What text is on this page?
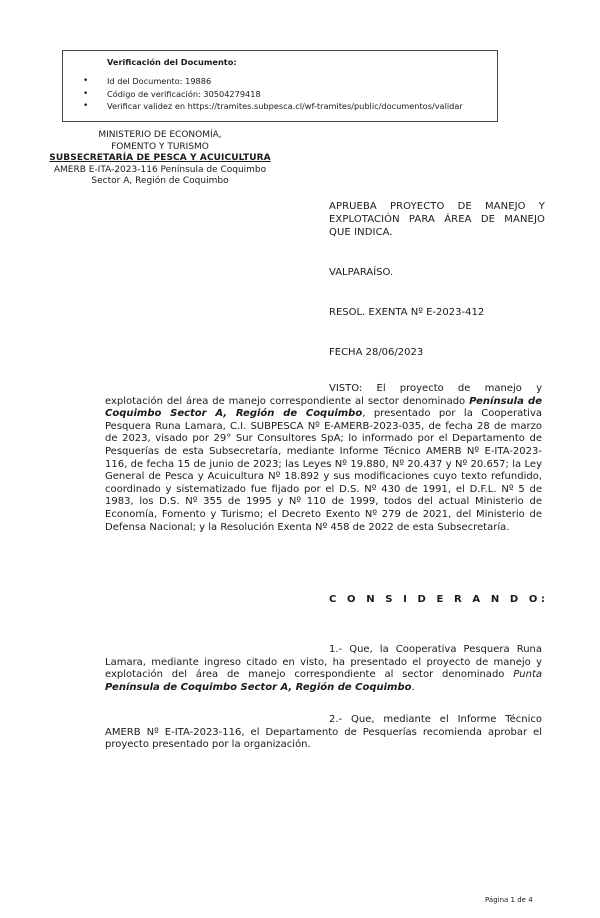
Verificación del Documento:
• Id del Documento: 19886
• Código de verificación: 30504279418
• Verificar validez en https://tramites.subpesca.cl/wf-tramites/public/documentos/validar
MINISTERIO DE ECONOMÍA,
FOMENTO Y TURISMO
SUBSECRETARÍA DE PESCA Y ACUICULTURA
AMERB E-ITA-2023-116 Península de Coquimbo
Sector A, Región de Coquimbo
APRUEBA PROYECTO DE MANEJO Y EXPLOTACIÓN PARA ÁREA DE MANEJO QUE INDICA.
VALPARAÍSO.
RESOL. EXENTA Nº E-2023-412
FECHA 28/06/2023
VISTO: El proyecto de manejo y explotación del área de manejo correspondiente al sector denominado Península de Coquimbo Sector A, Región de Coquimbo, presentado por la Cooperativa Pesquera Runa Lamara, C.I. SUBPESCA Nº E-AMERB-2023-035, de fecha 28 de marzo de 2023, visado por 29° Sur Consultores SpA; lo informado por el Departamento de Pesquerías de esta Subsecretaría, mediante Informe Técnico AMERB Nº E-ITA-2023-116, de fecha 15 de junio de 2023; las Leyes Nº 19.880, Nº 20.437 y Nº 20.657; la Ley General de Pesca y Acuicultura Nº 18.892 y sus modificaciones cuyo texto refundido, coordinado y sistematizado fue fijado por el D.S. Nº 430 de 1991, el D.F.L. Nº 5 de 1983, los D.S. Nº 355 de 1995 y Nº 110 de 1999, todos del actual Ministerio de Economía, Fomento y Turismo; el Decreto Exento Nº 279 de 2021, del Ministerio de Defensa Nacional; y la Resolución Exenta Nº 458 de 2022 de esta Subsecretaría.
C O N S I D E R A N D O:
1.- Que, la Cooperativa Pesquera Runa Lamara, mediante ingreso citado en visto, ha presentado el proyecto de manejo y explotación del área de manejo correspondiente al sector denominado Punta Península de Coquimbo Sector A, Región de Coquimbo.
2.- Que, mediante el Informe Técnico AMERB Nº E-ITA-2023-116, el Departamento de Pesquerías recomienda aprobar el proyecto presentado por la organización.
Página 1 de 4
